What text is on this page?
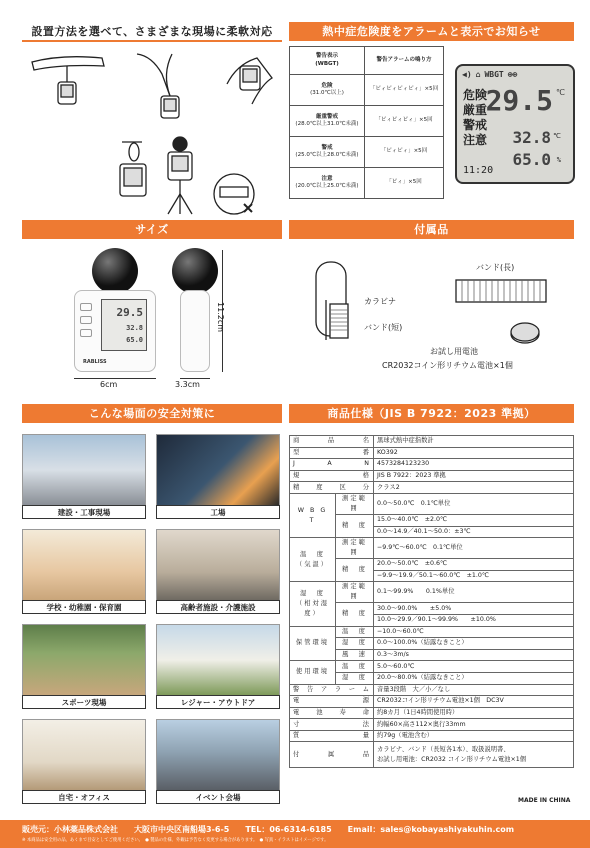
設置方法を選べて、さまざまな現場に柔軟対応	熱中症危険度をアラームと表示でお知らせ
サイズ	付属品
こんな場面の安全対策に	商品仕様（JIS B 7922：2023 準拠）
警告表示
(WBGT)	警告アラームの鳴り方

危険
(31.0℃以上)	「ピィピィピィピィ」×5回

厳重警戒
(28.0℃以上31.0℃未満)	「ピィピィピィ」×5回

警戒
(25.0℃以上28.0℃未満)	「ピィピィ」×5回

注意
(20.0℃以上25.0℃未満)	「ピィ」×5回
◀) ⌂ WBGT ⊕⊕
危険
厳重
警戒
注意
29.5 ℃
32.8 ℃
65.0 %
11:20
29.5
32.8
65.0
RABLISS
6cm
11.2cm
3.3cm
カラビナ
バンド(短)
バンド(長)
お試し用電池
CR2032コイン形リチウム電池×1個
建設・工事現場	工場
学校・幼稚園・保育園	高齢者施設・介護施設
スポーツ現場	レジャー・アウトドア
自宅・オフィス	イベント会場
商　品　名		黒球式熱中症指数計
型　　　番		KO392
J A N		4573284123230
規　　　格		JIS B 7922：2023 準拠
精　度　区　分		クラス2
W B G T	測定範囲	0.0〜50.0℃　0.1℃単位
	精　度	15.0〜40.0℃　±2.0℃
		0.0〜14.9／40.1〜50.0：±3℃
温　度（気温）	測定範囲	−9.9℃〜60.0℃　0.1℃単位
	精　度	20.0〜50.0℃　±0.6℃
		−9.9〜19.9／50.1〜60.0℃　±1.0℃
湿　度（相対湿度）	測定範囲	0.1〜99.9%　　0.1%単位
	精　度	30.0〜90.0%　　±5.0%
		10.0〜29.9／90.1〜99.9%　　±10.0%
保管環境	温　度	−10.0〜60.0℃
	湿　度	0.0〜100.0%（結露なきこと）
	風　速	0.3〜3m/s
使用環境	温　度	5.0〜60.0℃
	湿　度	20.0〜80.0%（結露なきこと）
警告アラーム		音量3段階　大／小／なし
電　　　源		CR2032コイン形リチウム電池×1個　DC3V
電　池　寿　命		約8カ月（1日4時間使用時）
寸　　　法		約幅60×高さ112×奥行33mm
質　　　量		約79g（電池含む）
付　属　品		カラビナ、バンド（長短各1本）、取扱説明書、
お試し用電池：CR2032 コイン形リチウム電池×1個
MADE IN CHINA
販売元：小林薬品株式会社　　大阪市中央区南船場3-6-5　　TEL：06-6314-6185　　Email：sales@kobayashiyakuhin.com
※ 本商品は安全用の品、あくまで目安としてご使用ください。　● 製品の仕様、外観は予告なく変更する場合があります。　● 写真・イラストはイメージです。
